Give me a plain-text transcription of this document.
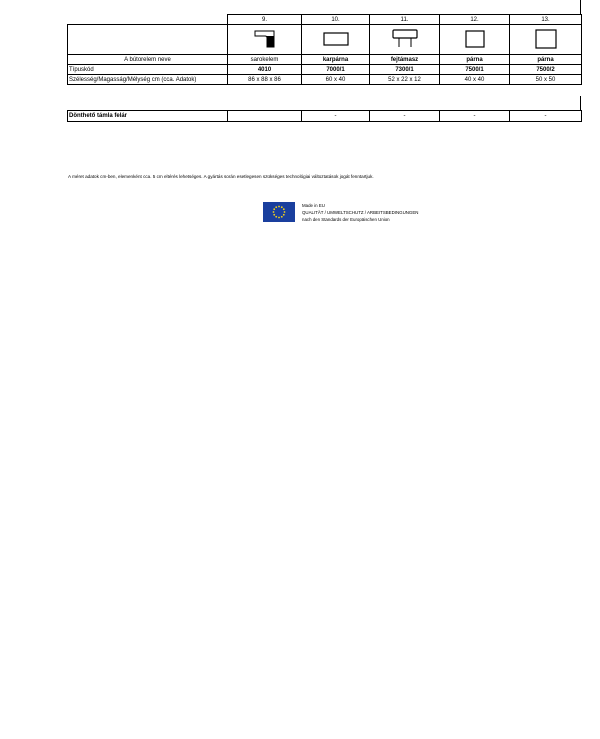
	9.	10.	11.	12.	13.

A bútorelem neve	sarokelem	karpárna	fejtámasz	párna	párna
Típuskód	4010	7000/1	7300/1	7500/1	7500/2
Szélesség/Magasság/Mélység cm (cca. Adatok)	86 x 88 x 86	60 x 40	52 x 22 x 12	40 x 40	50 x 50
Dönthető támla felár		-	-	-	-
A méret adatok cm-ben, elemenként cca. 5 cm eltérés lehetséges. A gyártás során esetlegesen szükséges technológiai változtatások jogát fenntartjuk.
Made in EU
QUALITÄT / UMWELTSCHUTZ / ARBEITSBEDINGUNGEN
nach den Standards der Europäischen Union
